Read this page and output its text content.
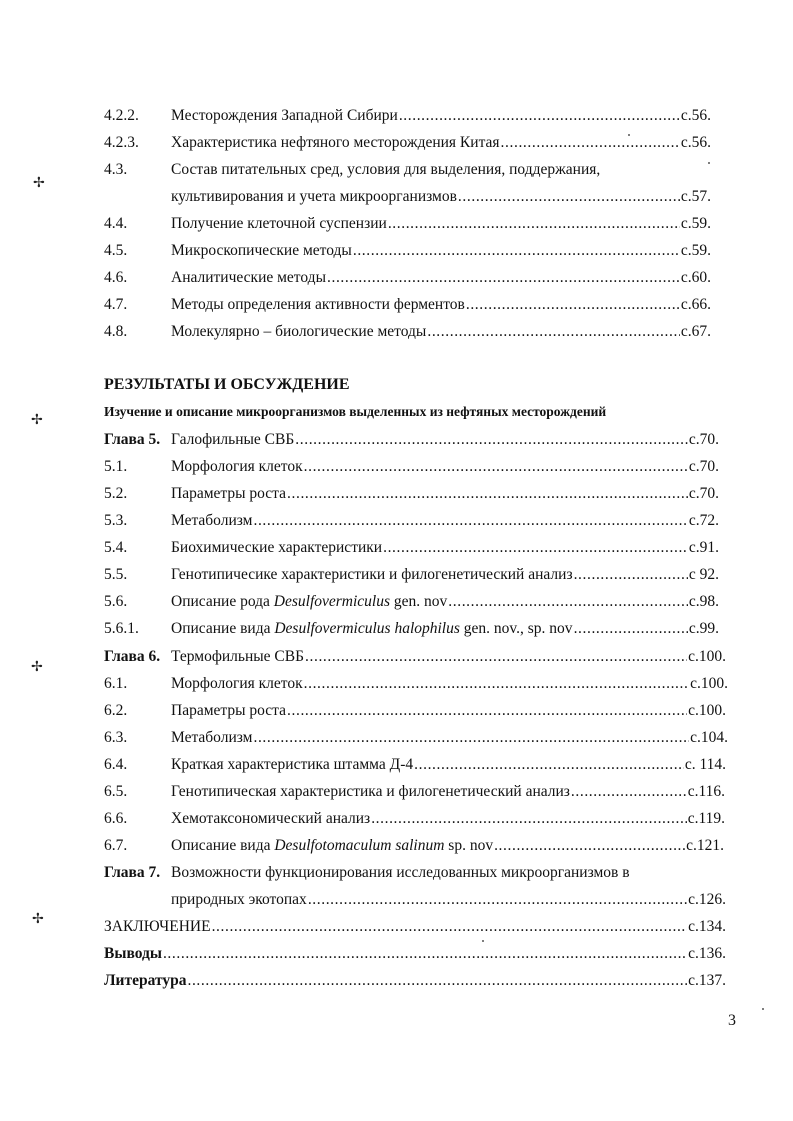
4.2.2. Месторождения Западной Сибири .....	с.56.
4.2.3. Характеристика нефтяного месторождения Китая .....	с.56.
4.3.	Состав питательных сред, условия для выделения, поддержания,
культивирования и учета микроорганизмов .....	с.57.
4.4.	Получение клеточной суспензии .....	с.59.
4.5.	Микроскопические методы .....	с.59.
4.6.	Аналитические методы .....	с.60.
4.7.	Методы определения активности ферментов .....	с.66.
4.8.	Молекулярно – биологические методы .....	с.67.
РЕЗУЛЬТАТЫ И ОБСУЖДЕНИЕ
Изучение и описание микроорганизмов выделенных из нефтяных месторождений
Глава 5. Галофильные СВБ .....	с.70.
5.1.	Морфология клеток .....	с.70.
5.2.	Параметры роста .....	с.70.
5.3.	Метаболизм .....	с.72.
5.4.	Биохимические характеристики .....	с.91.
5.5.	Генотипичесике характеристики и филогенетический анализ .....	с 92.
5.6.	Описание рода Desulfovermiculus gen. nov .....	с.98.
5.6.1. Описание вида Desulfovermiculus halophilus gen. nov., sp. nov .....	с.99.
Глава 6. Термофильные СВБ .....	с.100.
6.1.	Морфология клеток .....	с.100.
6.2.	Параметры роста .....	с.100.
6.3.	Метаболизм .....	с.104.
6.4.	Краткая характеристика штамма Д-4 .....	с. 114.
6.5.	Генотипическая характеристика и филогенетический анализ .....	с.116.
6.6.	Хемотаксономический анализ .....	с.119.
6.7.	Описание вида Desulfotomaculum salinum sp. nov .....	с.121.
Глава 7. Возможности функционирования исследованных микроорганизмов в
природных экотопах .....	с.126.
ЗАКЛЮЧЕНИЕ .....	с.134.
Выводы .....	с.136.
Литература .....	с.137.
3
✢
✢
✢
✢
